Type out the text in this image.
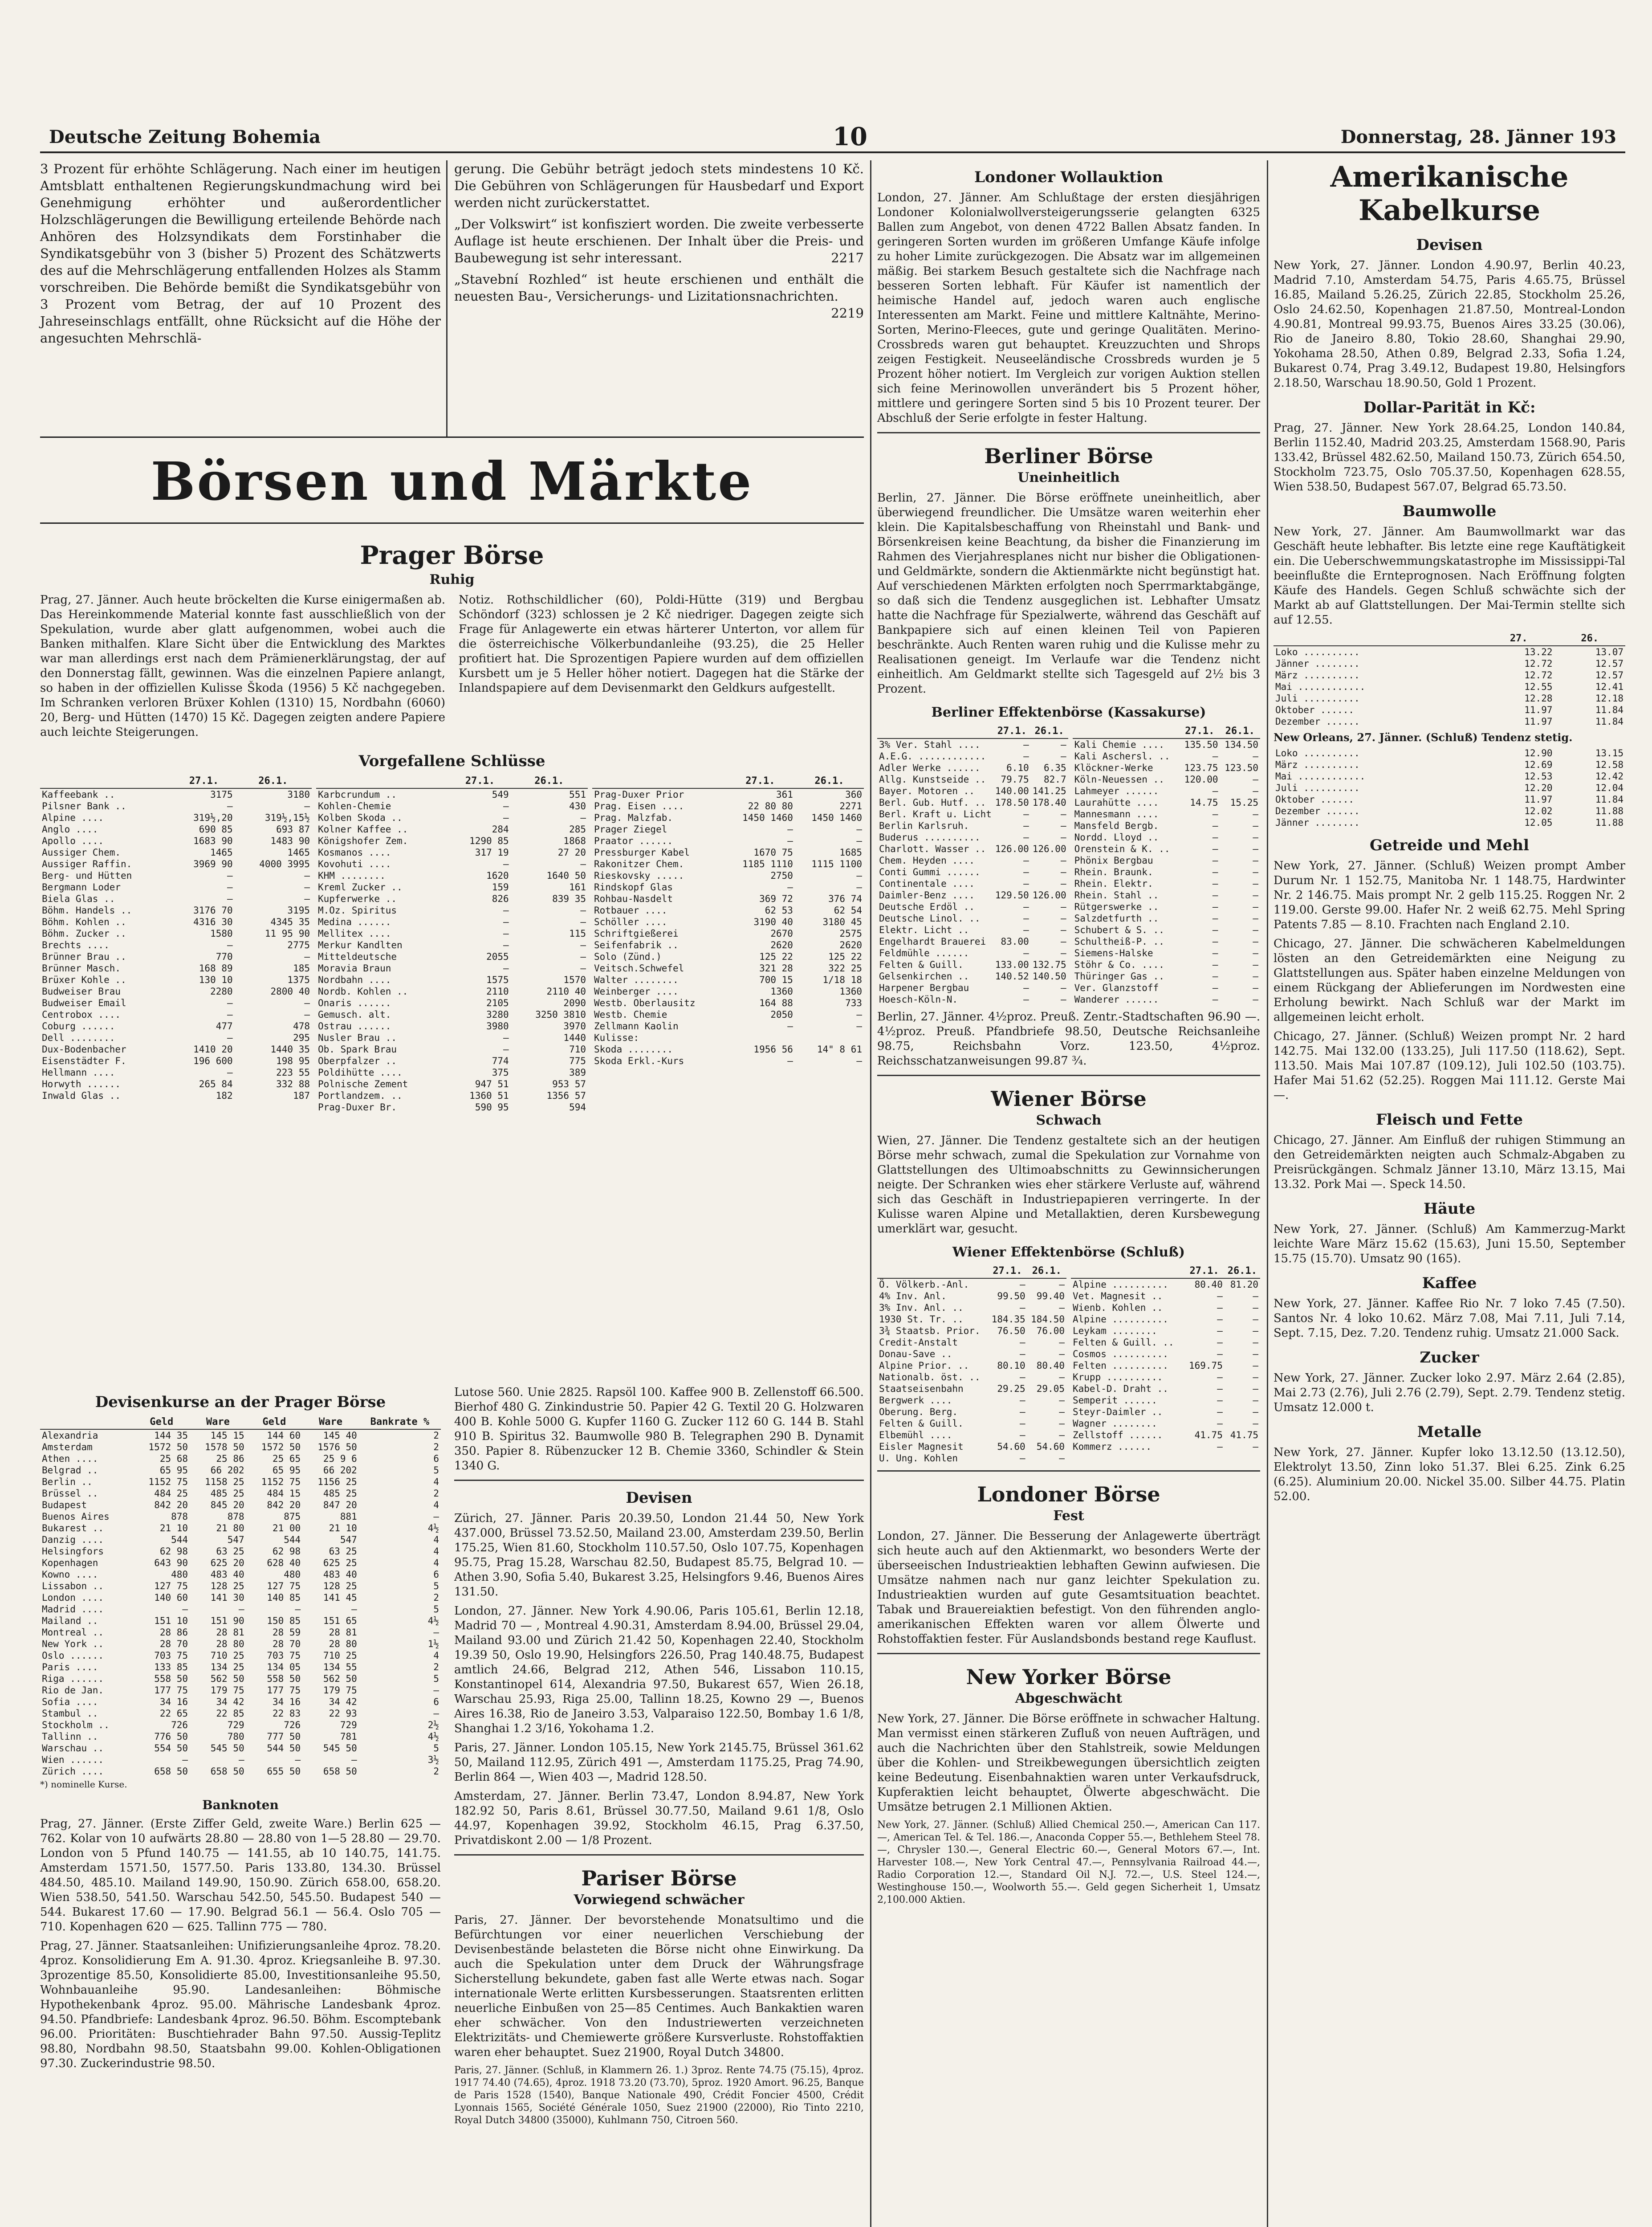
Deutsche Zeitung Bohemia	10	Donnerstag, 28. Jänner 193

3 Prozent für erhöhte Schlägerung. Nach einer im heutigen Amtsblatt enthaltenen Regierungskundmachung wird bei Genehmigung erhöhter und außerordentlicher Holzschlägerungen die Bewilligung erteilende Behörde nach Anhören des Holzsyndikats dem Forstinhaber die Syndikatsgebühr von 3 (bisher 5) Prozent des Schätzwerts des auf die Mehrschlägerung entfallenden Holzes als Stamm vorschreiben. Die Behörde bemißt die Syndikatsgebühr von 3 Prozent vom Betrag, der auf 10 Prozent des Jahreseinschlags entfällt, ohne Rücksicht auf die Höhe der angesuchten Mehrschlä-

gerung. Die Gebühr beträgt jedoch stets mindestens 10 Kč. Die Gebühren von Schlägerungen für Hausbedarf und Export werden nicht zurückerstattet.

„Der Volkswirt“ ist konfisziert worden. Die zweite verbesserte Auflage ist heute erschienen. Der Inhalt über die Preis- und Baubewegung ist sehr interessant.	2217

„Stavební Rozhled“ ist heute erschienen und enthält die neuesten Bau-, Versicherungs- und Lizitationsnachrichten.
2219

Börsen und Märkte
Prager Börse
Ruhig

Prag, 27. Jänner. Auch heute bröckelten die Kurse einigermaßen ab. Das Hereinkommende Material konnte fast ausschließlich von der Spekulation, wurde aber glatt aufgenommen, wobei auch die Banken mithalfen. Klare Sicht über die Entwicklung des Marktes war man allerdings erst nach dem Prämienerklärungstag, der auf den Donnerstag fällt, gewinnen. Was die einzelnen Papiere anlangt, so haben in der offiziellen Kulisse Škoda (1956) 5 Kč nachgegeben. Im Schranken verloren Brüxer Kohlen (1310) 15, Nordbahn (6060) 20, Berg- und Hütten (1470) 15 Kč. Dagegen zeigten andere Papiere auch leichte Steigerungen.

Notiz. Rothschildlicher (60), Poldi-Hütte (319) und Bergbau Schöndorf (323) schlossen je 2 Kč niedriger. Dagegen zeigte sich Frage für Anlagewerte ein etwas härterer Unterton, vor allem für die österreichische Völkerbundanleihe (93.25), die 25 Heller profitiert hat. Die Sprozentigen Papiere wurden auf dem offiziellen Kursbett um je 5 Heller höher notiert. Dagegen hat die Stärke der Inlandspapiere auf dem Devisenmarkt den Geldkurs aufgestellt.

Vorgefallene Schlüsse
	27.1.	26.1.
Kaffeebank ..	3175	3180
Pilsner Bank ..	—	—
Alpine ....	319½,20	319½,15½
Anglo ....	690 85	693 87
Apollo ....	1683 90	1483 90
Aussiger Chem.	1465	1465
Aussiger Raffin.	3969 90	4000 3995
Berg- und Hütten	—	—
Bergmann Loder	—	—
Biela Glas ..	—	—
Böhm. Handels ..	3176 70	3195
Böhm. Kohlen ..	4316 30	4345 35
Böhm. Zucker ..	1580	11 95 90
Brechts ....	—	2775
Brünner Brau ..	770	—
Brünner Masch.	168 89	185
Brüxer Kohle ..	130 10	1375
Budweiser Brau	2280	2800 40
Budweiser Email	—	—
Centrobox ....	—	—
Coburg ......	477	478
Dell ........	—	295
Dux-Bodenbacher	1410 20	1440 35
Eisenstädter F.	196 600	198 95
Hellmann ....	—	223 55
Horwyth ......	265 84	332 88
Inwald Glas ..	182	187
	27.1.	26.1.
Karbcrundum ..	549	551
Kohlen-Chemie	—	430
Kolben Skoda ..	—	—
Kolner Kaffee ..	284	285
Königshofer Zem.	1290 85	1868
Kosmanos ....	317 19	27 20
Kovohuti ....	—	—
KHM ........	1620	1640 50
Kreml Zucker ..	159	161
Kupferwerke ..	826	839 35
M.Oz. Spiritus	—	—
Medina ......	—	—
Mellitex ....	—	115
Merkur Kandlten	—	—
Mitteldeutsche	2055	—
Moravia Braun	—	—
Nordbahn ....	1575	1570
Nordb. Kohlen ..	2110	2110 40
Onaris ......	2105	2090
Gemusch. alt.	3280	3250 3810
Ostrau ......	3980	3970
Nusler Brau ..	—	1440
Ob. Spark Brau	—	710
Oberpfalzer ..	774	775
Poldihütte ....	375	389
Polnische Zement	947 51	953 57
Portlandzem. ..	1360 51	1356 57
Prag-Duxer Br.	590 95	594
	27.1.	26.1.
Prag-Duxer Prior	361	360
Prag. Eisen ....	22 80 80	2271
Prag. Malzfab.	1450 1460	1450 1460
Prager Ziegel	—	—
Praator ......	—	—
Pressburger Kabel	1670 75	1685
Rakonitzer Chem.	1185 1110	1115 1100
Rieskovsky .....	2750	—
Rindskopf Glas	—	—
Rohbau-Nasdelt	369 72	376 74
Rotbauer ....	62 53	62 54
Schöller ....	3190 40	3180 45
Schriftgießerei	2670	2575
Seifenfabrik ..	2620	2620
Solo (Zünd.)	125 22	125 22
Veitsch.Schwefel	321 28	322 25
Walter ........	700 15	1/18 18
Weinberger ....	1360	1360
Westb. Oberlausitz	164 88	733
Westb. Chemie	2050	—
Zellmann Kaolin	—	—
Kulisse:		
Skoda ........	1956 56	14" 8 61
Skoda Erkl.-Kurs	—	—
Devisenkurse an der Prager Börse
	Geld	Ware	Geld	Ware	Bankrate %
Alexandria	144 35	145 15	144 60	145 40	2
Amsterdam	1572 50	1578 50	1572 50	1576 50	2
Athen ....	25 68	25 86	25 65	25 9 6	6
Belgrad ..	65 95	66 202	65 95	66 202	5
Berlin ..	1152 75	1158 25	1152 75	1156 25	4
Brüssel ..	484 25	485 25	484 15	485 25	2
Budapest	842 20	845 20	842 20	847 20	4
Buenos Aires	878	878	875	881	—
Bukarest ..	21 10	21 80	21 00	21 10	4½
Danzig ....	544	547	544	547	4
Helsingfors	62 98	63 25	62 98	63 25	4
Kopenhagen	643 90	625 20	628 40	625 25	4
Kowno ....	480	483 40	480	483 40	6
Lissabon ..	127 75	128 25	127 75	128 25	5
London ....	140 60	141 30	140 85	141 45	2
Madrid ....	—	—	—	—	5
Mailand ..	151 10	151 90	150 85	151 65	4½
Montreal ..	28 86	28 81	28 59	28 81	—
New York ..	28 70	28 80	28 70	28 80	1½
Oslo ......	703 75	710 25	703 75	710 25	4
Paris ....	133 85	134 25	134 05	134 55	2
Riga ......	558 50	562 50	558 50	562 50	5
Rio de Jan.	177 75	179 75	177 75	179 75	—
Sofia ....	34 16	34 42	34 16	34 42	6
Stambul ..	22 65	22 85	22 83	22 93	—
Stockholm ..	726	729	726	729	2½
Tallinn ..	776 50	780	777 50	781	4½
Warschau ..	554 50	545 50	544 50	545 50	5
Wien ......	—	—	—	—	3½
Zürich ....	658 50	658 50	655 50	658 50	2
*) nominelle Kurse.
Banknoten

Prag, 27. Jänner. (Erste Ziffer Geld, zweite Ware.) Berlin 625 — 762. Kolar von 10 aufwärts 28.80 — 28.80 von 1—5 28.80 — 29.70. London von 5 Pfund 140.75 — 141.55, ab 10 140.75, 141.75. Amsterdam 1571.50, 1577.50. Paris 133.80, 134.30. Brüssel 484.50, 485.10. Mailand 149.90, 150.90. Zürich 658.00, 658.20. Wien 538.50, 541.50. Warschau 542.50, 545.50. Budapest 540 — 544. Bukarest 17.60 — 17.90. Belgrad 56.1 — 56.4. Oslo 705 — 710. Kopenhagen 620 — 625. Tallinn 775 — 780.

Prag, 27. Jänner. Staatsanleihen: Unifizierungsanleihe 4proz. 78.20. 4proz. Konsolidierung Em A. 91.30. 4proz. Kriegsanleihe B. 97.30. 3prozentige 85.50, Konsolidierte 85.00, Investitionsanleihe 95.50, Wohnbauanleihe 95.90. Landesanleihen: Böhmische Hypothekenbank 4proz. 95.00. Mährische Landesbank 4proz. 94.50. Pfandbriefe: Landesbank 4proz. 96.50. Böhm. Escomptebank 96.00. Prioritäten: Buschtiehrader Bahn 97.50. Aussig-Teplitz 98.80, Nordbahn 98.50, Staatsbahn 99.00. Kohlen-Obligationen 97.30. Zuckerindustrie 98.50.

Lutose 560. Unie 2825. Rapsöl 100. Kaffee 900 B. Zellenstoff 66.500. Bierhof 480 G. Zinkindustrie 50. Papier 42 G. Textil 20 G. Holzwaren 400 B. Kohle 5000 G. Kupfer 1160 G. Zucker 112 60 G. 144 B. Stahl 910 B. Spiritus 32. Baumwolle 980 B. Telegraphen 290 B. Dynamit 350. Papier 8. Rübenzucker 12 B. Chemie 3360, Schindler & Stein 1340 G.

Devisen

Zürich, 27. Jänner. Paris 20.39.50, London 21.44 50, New York 437.000, Brüssel 73.52.50, Mailand 23.00, Amsterdam 239.50, Berlin 175.25, Wien 81.60, Stockholm 110.57.50, Oslo 107.75, Kopenhagen 95.75, Prag 15.28, Warschau 82.50, Budapest 85.75, Belgrad 10. — Athen 3.90, Sofia 5.40, Bukarest 3.25, Helsingfors 9.46, Buenos Aires 131.50.

London, 27. Jänner. New York 4.90.06, Paris 105.61, Berlin 12.18, Madrid 70 — , Montreal 4.90.31, Amsterdam 8.94.00, Brüssel 29.04, Mailand 93.00 und Zürich 21.42 50, Kopenhagen 22.40, Stockholm 19.39 50, Oslo 19.90, Helsingfors 226.50, Prag 140.48.75, Budapest amtlich 24.66, Belgrad 212, Athen 546, Lissabon 110.15, Konstantinopel 614, Alexandria 97.50, Bukarest 657, Wien 26.18, Warschau 25.93, Riga 25.00, Tallinn 18.25, Kowno 29 —, Buenos Aires 16.38, Rio de Janeiro 3.53, Valparaiso 122.50, Bombay 1.6 1/8, Shanghai 1.2 3/16, Yokohama 1.2.

Paris, 27. Jänner. London 105.15, New York 2145.75, Brüssel 361.62 50, Mailand 112.95, Zürich 491 —, Amsterdam 1175.25, Prag 74.90, Berlin 864 —, Wien 403 —, Madrid 128.50.

Amsterdam, 27. Jänner. Berlin 73.47, London 8.94.87, New York 182.92 50, Paris 8.61, Brüssel 30.77.50, Mailand 9.61 1/8, Oslo 44.97, Kopenhagen 39.92, Stockholm 46.15, Prag 6.37.50, Privatdiskont 2.00 — 1/8 Prozent.

Pariser Börse
Vorwiegend schwächer

Paris, 27. Jänner. Der bevorstehende Monatsultimo und die Befürchtungen vor einer neuerlichen Verschiebung der Devisenbestände belasteten die Börse nicht ohne Einwirkung. Da auch die Spekulation unter dem Druck der Währungsfrage Sicherstellung bekundete, gaben fast alle Werte etwas nach. Sogar internationale Werte erlitten Kursbesserungen. Staatsrenten erlitten neuerliche Einbußen von 25—85 Centimes. Auch Bankaktien waren eher schwächer. Von den Industriewerten verzeichneten Elektrizitäts- und Chemiewerte größere Kursverluste. Rohstoffaktien waren eher behauptet. Suez 21900, Royal Dutch 34800.

Paris, 27. Jänner. (Schluß, in Klammern 26. 1.) 3proz. Rente 74.75 (75.15), 4proz. 1917 74.40 (74.65), 4proz. 1918 73.20 (73.70), 5proz. 1920 Amort. 96.25, Banque de Paris 1528 (1540), Banque Nationale 490, Crédit Foncier 4500, Crédit Lyonnais 1565, Société Générale 1050, Suez 21900 (22000), Rio Tinto 2210, Royal Dutch 34800 (35000), Kuhlmann 750, Citroen 560.

Londoner Wollauktion

London, 27. Jänner. Am Schlußtage der ersten diesjährigen Londoner Kolonialwollversteigerungsserie gelangten 6325 Ballen zum Angebot, von denen 4722 Ballen Absatz fanden. In geringeren Sorten wurden im größeren Umfange Käufe infolge zu hoher Limite zurückgezogen. Die Absatz war im allgemeinen mäßig. Bei starkem Besuch gestaltete sich die Nachfrage nach besseren Sorten lebhaft. Für Käufer ist namentlich der heimische Handel auf, jedoch waren auch englische Interessenten am Markt. Feine und mittlere Kaltnähte, Merino-Sorten, Merino-Fleeces, gute und geringe Qualitäten. Merino-Crossbreds waren gut behauptet. Kreuzzuchten und Shrops zeigen Festigkeit. Neuseeländische Crossbreds wurden je 5 Prozent höher notiert. Im Vergleich zur vorigen Auktion stellen sich feine Merinowollen unverändert bis 5 Prozent höher, mittlere und geringere Sorten sind 5 bis 10 Prozent teurer. Der Abschluß der Serie erfolgte in fester Haltung.

Berliner Börse
Uneinheitlich

Berlin, 27. Jänner. Die Börse eröffnete uneinheitlich, aber überwiegend freundlicher. Die Umsätze waren weiterhin eher klein. Die Kapitalsbeschaffung von Rheinstahl und Bank- und Börsenkreisen keine Beachtung, da bisher die Finanzierung im Rahmen des Vierjahresplanes nicht nur bisher die Obligationen- und Geldmärkte, sondern die Aktienmärkte nicht begünstigt hat. Auf verschiedenen Märkten erfolgten noch Sperrmarktabgänge, so daß sich die Tendenz ausgeglichen ist. Lebhafter Umsatz hatte die Nachfrage für Spezialwerte, während das Geschäft auf Bankpapiere sich auf einen kleinen Teil von Papieren beschränkte. Auch Renten waren ruhig und die Kulisse mehr zu Realisationen geneigt. Im Verlaufe war die Tendenz nicht einheitlich. Am Geldmarkt stellte sich Tagesgeld auf 2½ bis 3 Prozent.

Berliner Effektenbörse (Kassakurse)
	27.1.	26.1.
3% Ver. Stahl ....	—	—
A.E.G. ............	—	—
Adler Werke ......	6.10	6.35
Allg. Kunstseide ..	79.75	82.7
Bayer. Motoren ..	140.00	141.25
Berl. Gub. Hutf. ..	178.50	178.40
Berl. Kraft u. Licht	—	—
Berlin Karlsruh.	—	—
Buderus ..........	—	—
Charlott. Wasser ..	126.00	126.00
Chem. Heyden ....	—	—
Conti Gummi ......	—	—
Continentale ....	—	—
Daimler-Benz ....	129.50	126.00
Deutsche Erdöl ..	—	—
Deutsche Linol. ..	—	—
Elektr. Licht ..	—	—
Engelhardt Brauerei	83.00	—
Feldmühle ......	—	—
Felten & Guill.	133.00	132.75
Gelsenkirchen ..	140.52	140.50
Harpener Bergbau	—	—
Hoesch-Köln-N.	—	—
	27.1.	26.1.
Kali Chemie ....	135.50	134.50
Kali Aschersl. ..	—	—
Klöckner-Werke	123.75	123.50
Köln-Neuessen ..	120.00	—
Lahmeyer ......	—	—
Laurahütte ....	14.75	15.25
Mannesmann ....	—	—
Mansfeld Bergb.	—	—
Nordd. Lloyd ..	—	—
Orenstein & K. ..	—	—
Phönix Bergbau	—	—
Rhein. Braunk.	—	—
Rhein. Elektr.	—	—
Rhein. Stahl ..	—	—
Rütgerswerke ..	—	—
Salzdetfurth ..	—	—
Schubert & S. ..	—	—
Schultheiß-P. ..	—	—
Siemens-Halske	—	—
Stöhr & Co. ....	—	—
Thüringer Gas ..	—	—
Ver. Glanzstoff	—	—
Wanderer ......	—	—

Berlin, 27. Jänner. 4½proz. Preuß. Zentr.-Stadtschaften 96.90 —. 4½proz. Preuß. Pfandbriefe 98.50, Deutsche Reichsanleihe 98.75, Reichsbahn Vorz. 123.50, 4½proz. Reichsschatzanweisungen 99.87 ¾.

Wiener Börse
Schwach

Wien, 27. Jänner. Die Tendenz gestaltete sich an der heutigen Börse mehr schwach, zumal die Spekulation zur Vornahme von Glattstellungen des Ultimoabschnitts zu Gewinnsicherungen neigte. Der Schranken wies eher stärkere Verluste auf, während sich das Geschäft in Industriepapieren verringerte. In der Kulisse waren Alpine und Metallaktien, deren Kursbewegung umerklärt war, gesucht.

Wiener Effektenbörse (Schluß)
	27.1.	26.1.
Ö. Völkerb.-Anl.	—	—
4% Inv. Anl.	99.50	99.40
3% Inv. Anl. ..	—	—
1930 St. Tr. ..	184.35	184.50
3¾ Staatsb. Prior.	76.50	76.00
Credit-Anstalt	—	—
Donau-Save ..	—	—
Alpine Prior. ..	80.10	80.40
Nationalb. öst. ..	—	—
Staatseisenbahn	29.25	29.05
Bergwerk ....	—	—
Oberung. Berg.	—	—
Felten & Guill.	—	—
Elbemühl ....	—	—
Eisler Magnesit	54.60	54.60
U. Ung. Kohlen	—	—
	27.1.	26.1.
Alpine ..........	80.40	81.20
Vet. Magnesit ..	—	—
Wienb. Kohlen ..	—	—
Alpine ..........	—	—
Leykam ........	—	—
Felten & Guill. ..	—	—
Cosmos ..........	—	—
Felten ..........	169.75	—
Krupp ..........	—	—
Kabel-D. Draht ..	—	—
Semperit ......	—	—
Steyr-Daimler ..	—	—
Wagner ........	—	—
Zellstoff ......	41.75	41.75
Kommerz ......	—	—
Londoner Börse
Fest

London, 27. Jänner. Die Besserung der Anlagewerte überträgt sich heute auch auf den Aktienmarkt, wo besonders Werte der überseeischen Industrieaktien lebhaften Gewinn aufwiesen. Die Umsätze nahmen nach nur ganz leichter Spekulation zu. Industrieaktien wurden auf gute Gesamtsituation beachtet. Tabak und Brauereiaktien befestigt. Von den führenden anglo-amerikanischen Effekten waren vor allem Ölwerte und Rohstoffaktien fester. Für Auslandsbonds bestand rege Kauflust.

New Yorker Börse
Abgeschwächt

New York, 27. Jänner. Die Börse eröffnete in schwacher Haltung. Man vermisst einen stärkeren Zufluß von neuen Aufträgen, und auch die Nachrichten über den Stahlstreik, sowie Meldungen über die Kohlen- und Streikbewegungen übersichtlich zeigten keine Bedeutung. Eisenbahnaktien waren unter Verkaufsdruck, Kupferaktien leicht behauptet, Ölwerte abgeschwächt. Die Umsätze betrugen 2.1 Millionen Aktien.

New York, 27. Jänner. (Schluß) Allied Chemical 250.—, American Can 117.—, American Tel. & Tel. 186.—, Anaconda Copper 55.—, Bethlehem Steel 78.—, Chrysler 130.—, General Electric 60.—, General Motors 67.—, Int. Harvester 108.—, New York Central 47.—, Pennsylvania Railroad 44.—, Radio Corporation 12.—, Standard Oil N.J. 72.—, U.S. Steel 124.—, Westinghouse 150.—, Woolworth 55.—. Geld gegen Sicherheit 1, Umsatz 2,100.000 Aktien.

Amerikanische Kabelkurse
Devisen

New York, 27. Jänner. London 4.90.97, Berlin 40.23, Madrid 7.10, Amsterdam 54.75, Paris 4.65.75, Brüssel 16.85, Mailand 5.26.25, Zürich 22.85, Stockholm 25.26, Oslo 24.62.50, Kopenhagen 21.87.50, Montreal-London 4.90.81, Montreal 99.93.75, Buenos Aires 33.25 (30.06), Rio de Janeiro 8.80, Tokio 28.60, Shanghai 29.90, Yokohama 28.50, Athen 0.89, Belgrad 2.33, Sofia 1.24, Bukarest 0.74, Prag 3.49.12, Budapest 19.80, Helsingfors 2.18.50, Warschau 18.90.50, Gold 1 Prozent.

Dollar-Parität in Kč:

Prag, 27. Jänner. New York 28.64.25, London 140.84, Berlin 1152.40, Madrid 203.25, Amsterdam 1568.90, Paris 133.42, Brüssel 482.62.50, Mailand 150.73, Zürich 654.50, Stockholm 723.75, Oslo 705.37.50, Kopenhagen 628.55, Wien 538.50, Budapest 567.07, Belgrad 65.73.50.

Baumwolle

New York, 27. Jänner. Am Baumwollmarkt war das Geschäft heute lebhafter. Bis letzte eine rege Kauftätigkeit ein. Die Ueberschwemmungskatastrophe im Mississippi-Tal beeinflußte die Ernteprognosen. Nach Eröffnung folgten Käufe des Handels. Gegen Schluß schwächte sich der Markt ab auf Glattstellungen. Der Mai-Termin stellte sich auf 12.55.

	27.	26.
Loko ..........	13.22	13.07
Jänner ........	12.72	12.57
März ..........	12.72	12.57
Mai ............	12.55	12.41
Juli ..........	12.28	12.18
Oktober ......	11.97	11.84
Dezember ......	11.97	11.84
New Orleans, 27. Jänner. (Schluß) Tendenz stetig.
Loko ..........	12.90	13.15
März ..........	12.69	12.58
Mai ............	12.53	12.42
Juli ..........	12.20	12.04
Oktober ......	11.97	11.84
Dezember ......	12.02	11.88
Jänner ........	12.05	11.88
Getreide und Mehl

New York, 27. Jänner. (Schluß) Weizen prompt Amber Durum Nr. 1 152.75, Manitoba Nr. 1 148.75, Hardwinter Nr. 2 146.75. Mais prompt Nr. 2 gelb 115.25. Roggen Nr. 2 119.00. Gerste 99.00. Hafer Nr. 2 weiß 62.75. Mehl Spring Patents 7.85 — 8.10. Frachten nach England 2.10.

Chicago, 27. Jänner. Die schwächeren Kabelmeldungen lösten an den Getreidemärkten eine Neigung zu Glattstellungen aus. Später haben einzelne Meldungen von einem Rückgang der Ablieferungen im Nordwesten eine Erholung bewirkt. Nach Schluß war der Markt im allgemeinen leicht erholt.

Chicago, 27. Jänner. (Schluß) Weizen prompt Nr. 2 hard 142.75. Mai 132.00 (133.25), Juli 117.50 (118.62), Sept. 113.50. Mais Mai 107.87 (109.12), Juli 102.50 (103.75). Hafer Mai 51.62 (52.25). Roggen Mai 111.12. Gerste Mai —.

Fleisch und Fette

Chicago, 27. Jänner. Am Einfluß der ruhigen Stimmung an den Getreidemärkten neigten auch Schmalz-Abgaben zu Preisrückgängen. Schmalz Jänner 13.10, März 13.15, Mai 13.32. Pork Mai —. Speck 14.50.

Häute

New York, 27. Jänner. (Schluß) Am Kammerzug-Markt leichte Ware März 15.62 (15.63), Juni 15.50, September 15.75 (15.70). Umsatz 90 (165).

Kaffee

New York, 27. Jänner. Kaffee Rio Nr. 7 loko 7.45 (7.50). Santos Nr. 4 loko 10.62. März 7.08, Mai 7.11, Juli 7.14, Sept. 7.15, Dez. 7.20. Tendenz ruhig. Umsatz 21.000 Sack.

Zucker

New York, 27. Jänner. Zucker loko 2.97. März 2.64 (2.85), Mai 2.73 (2.76), Juli 2.76 (2.79), Sept. 2.79. Tendenz stetig. Umsatz 12.000 t.

Metalle

New York, 27. Jänner. Kupfer loko 13.12.50 (13.12.50), Elektrolyt 13.50, Zinn loko 51.37. Blei 6.25. Zink 6.25 (6.25). Aluminium 20.00. Nickel 35.00. Silber 44.75. Platin 52.00.
